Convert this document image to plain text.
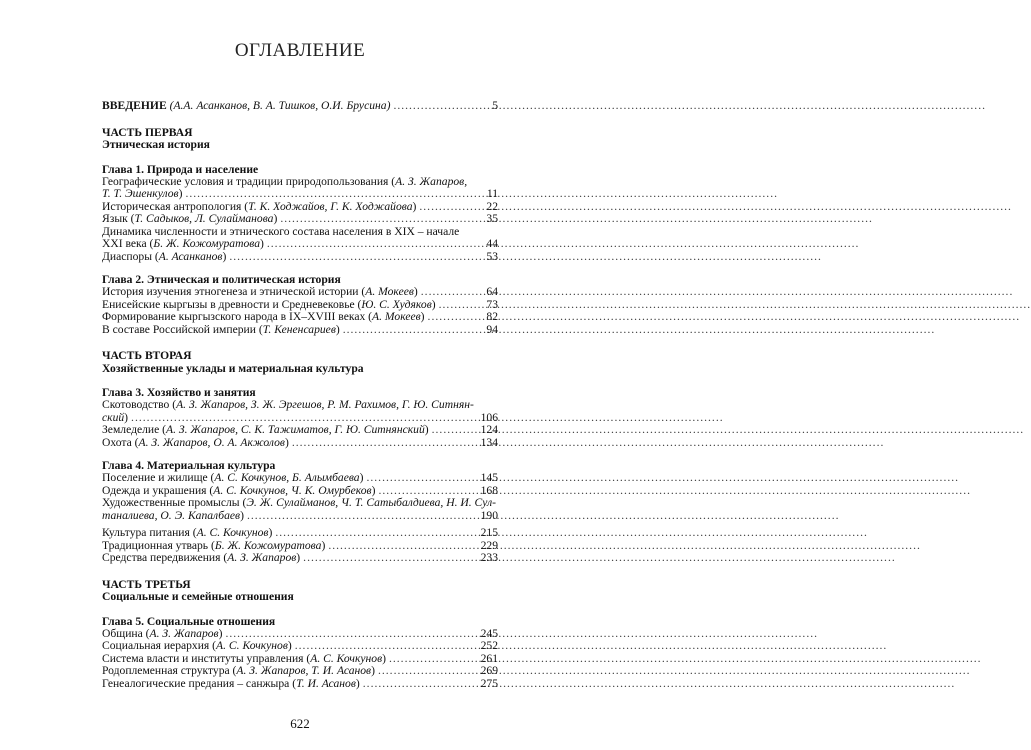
ОГЛАВЛЕНИЕ
ВВЕДЕНИЕ (А.А. Асанканов, В. А. Тишков, О.И. Брусина) .....	5
ЧАСТЬ ПЕРВАЯ
Этническая история
Глава 1. Природа и население
Географические условия и традиции природопользования (А. З. Жапаров,
Т. Т. Эшенкулов) .....	11
Историческая антропология (Т. К. Ходжайов, Г. К. Ходжайова) .....	22
Язык (Т. Садыков, Л. Сулайманова) .....	35
Динамика численности и этнического состава населения в XIX – начале
XXI века (Б. Ж. Кожомуратова) .....	44
Диаспоры (А. Асанканов) .....	53
Глава 2. Этническая и политическая история
История изучения этногенеза и этнической истории (А. Мокеев) .....	64
Енисейские кыргызы в древности и Средневековье (Ю. С. Худяков) .....	73
Формирование кыргызского народа в IX–XVIII веках (А. Мокеев) .....	82
В составе Российской империи (Т. Кененсариев) .....	94
ЧАСТЬ ВТОРАЯ
Хозяйственные уклады и материальная культура
Глава 3. Хозяйство и занятия
Скотоводство (А. З. Жапаров, З. Ж. Эргешов, Р. М. Рахимов, Г. Ю. Ситнян-
ский) .....	106
Земледелие (А. З. Жапаров, С. К. Тажиматов, Г. Ю. Ситнянский) .....	124
Охота (А. З. Жапаров, О. А. Акжолов) .....	134
Глава 4. Материальная культура
Поселение и жилище (А. С. Кочкунов, Б. Алымбаева) .....	145
Одежда и украшения (А. С. Кочкунов, Ч. К. Омурбеков) .....	168
Художественные промыслы (Э. Ж. Сулайманов, Ч. Т. Сатыбалдиева, Н. И. Сул-
таналиева, О. Э. Капалбаев) .....	190
Культура питания (А. С. Кочкунов) .....	215
Традиционная утварь (Б. Ж. Кожомуратова) .....	229
Средства передвижения (А. З. Жапаров) .....	233
ЧАСТЬ ТРЕТЬЯ
Социальные и семейные отношения
Глава 5. Социальные отношения
Община (А. З. Жапаров) .....	245
Социальная иерархия (А. С. Кочкунов) .....	252
Система власти и институты управления (А. С. Кочкунов) .....	261
Родоплеменная структура (А. З. Жапаров, Т. И. Асанов) .....	269
Генеалогические предания – санжыра (Т. И. Асанов) .....	275
622
